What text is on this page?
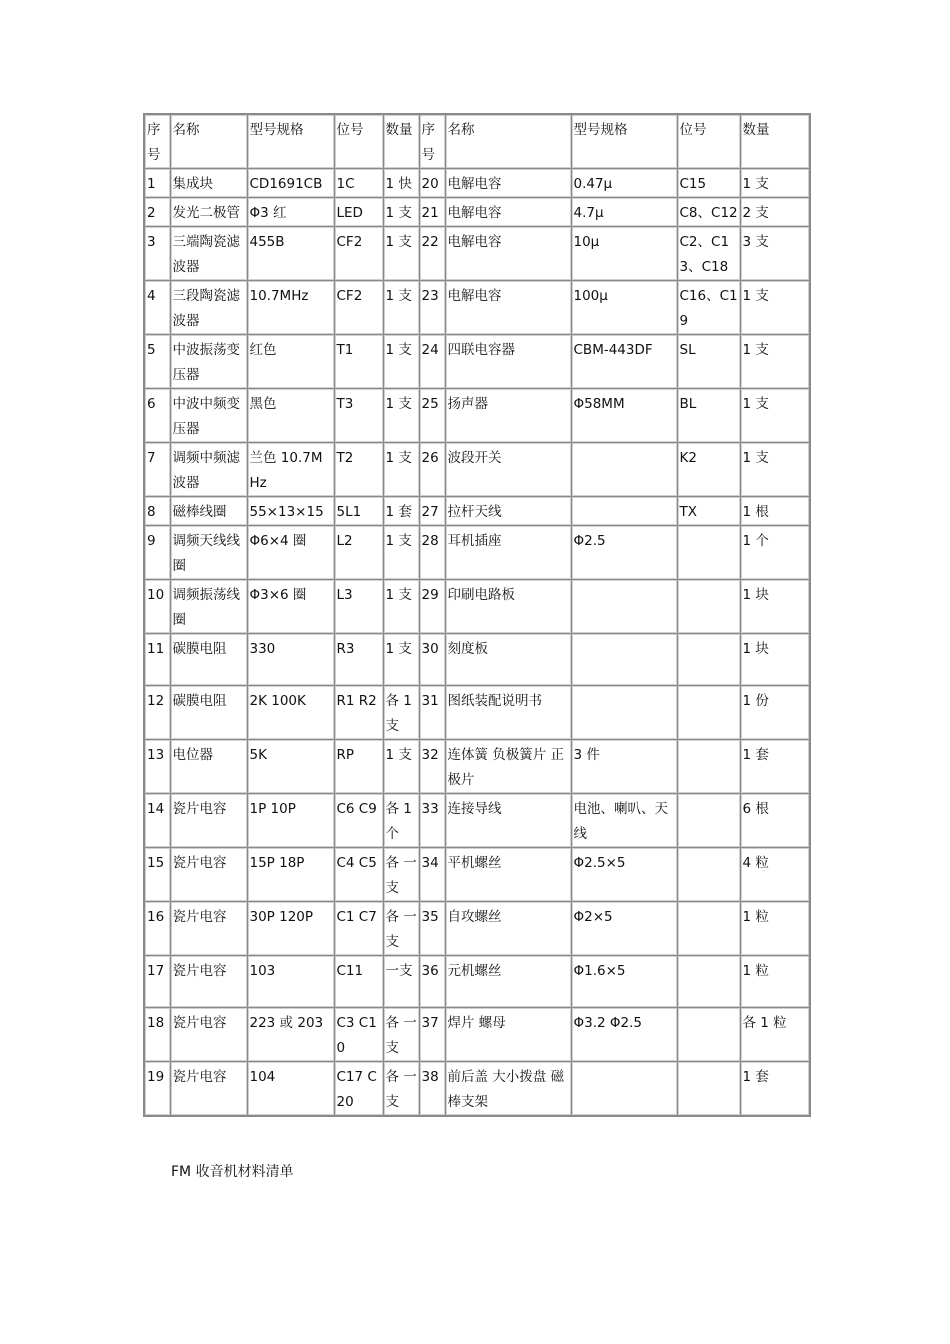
序号	名称	型号规格	位号	数量	序号	名称	型号规格	位号	数量
1	集成块	CD1691CB	1C	1 快	20	电解电容	0.47μ	C15	1 支
2	发光二极管	Φ3 红	LED	1 支	21	电解电容	4.7μ	C8、C12	2 支
3	三端陶瓷滤波器	455B	CF2	1 支	22	电解电容	10μ	C2、C13、C18	3 支
4	三段陶瓷滤波器	10.7MHz	CF2	1 支	23	电解电容	100μ	C16、C19	1 支
5	中波振荡变压器	红色	T1	1 支	24	四联电容器	CBM-443DF	SL	1 支
6	中波中频变压器	黑色	T3	1 支	25	扬声器	Φ58MM	BL	1 支
7	调频中频滤波器	兰色 10.7MHz	T2	1 支	26	波段开关		K2	1 支
8	磁棒线圈	55×13×15	5L1	1 套	27	拉杆天线		TX	1 根
9	调频天线线圈	Φ6×4 圈	L2	1 支	28	耳机插座	Φ2.5		1 个
10	调频振荡线圈	Φ3×6 圈	L3	1 支	29	印刷电路板			1 块
11	碳膜电阻	330	R3	1 支	30	刻度板			1 块
12	碳膜电阻	2K 100K	R1 R2	各 1支	31	图纸装配说明书			1 份
13	电位器	5K	RP	1 支	32	连体簧 负极簧片 正极片	3 件		1 套
14	瓷片电容	1P 10P	C6 C9	各 1个	33	连接导线	电池、喇叭、天线		6 根
15	瓷片电容	15P 18P	C4 C5	各 一支	34	平机螺丝	Φ2.5×5		4 粒
16	瓷片电容	30P 120P	C1 C7	各 一支	35	自攻螺丝	Φ2×5		1 粒
17	瓷片电容	103	C11	一支	36	元机螺丝	Φ1.6×5		1 粒
18	瓷片电容	223 或 203	C3 C10	各 一支	37	焊片 螺母	Φ3.2 Φ2.5		各 1 粒
19	瓷片电容	104	C17 C20	各 一支	38	前后盖 大小拨盘 磁棒支架			1 套
FM 收音机材料清单
